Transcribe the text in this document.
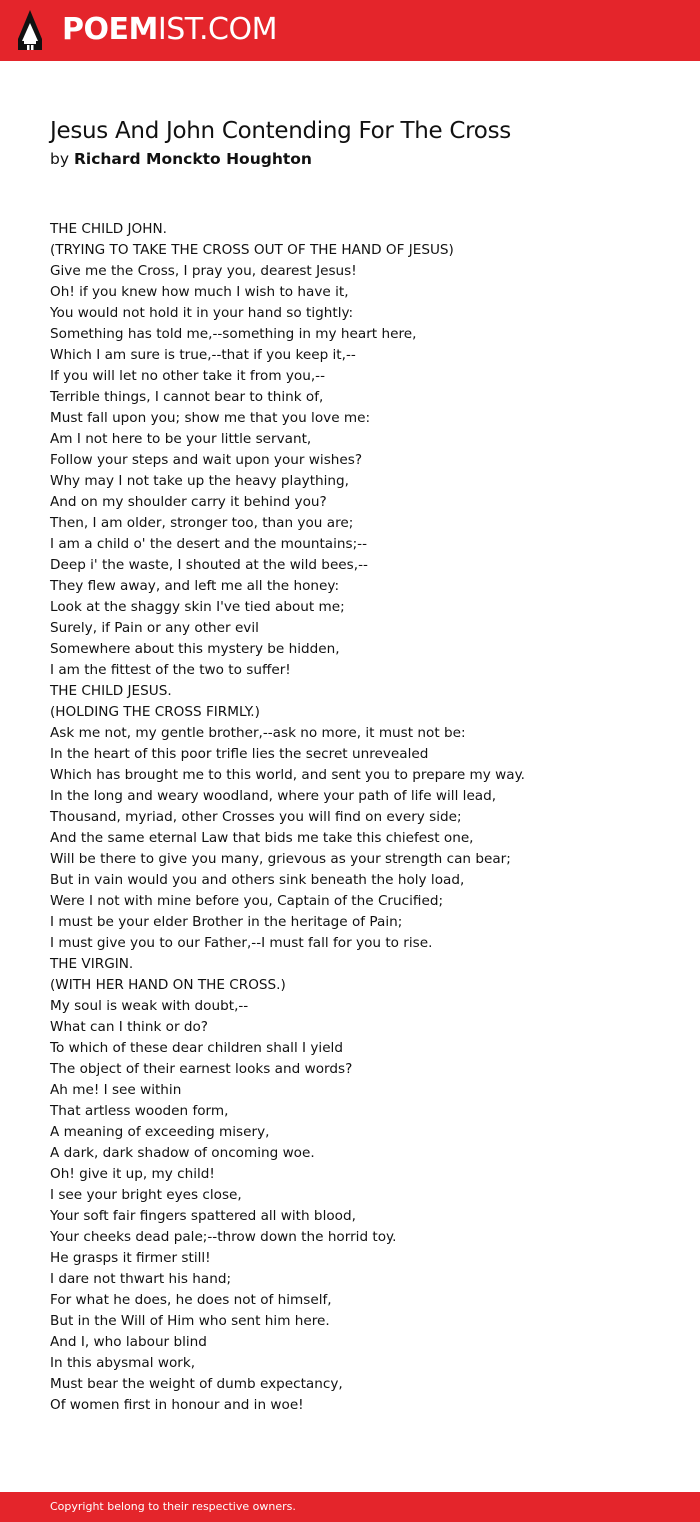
POEMIST.COM
Jesus And John Contending For The Cross
by Richard Monckto Houghton
THE CHILD JOHN.
(TRYING TO TAKE THE CROSS OUT OF THE HAND OF JESUS)
Give me the Cross, I pray you, dearest Jesus!
Oh! if you knew how much I wish to have it,
You would not hold it in your hand so tightly:
Something has told me,--something in my heart here,
Which I am sure is true,--that if you keep it,--
If you will let no other take it from you,--
Terrible things, I cannot bear to think of,
Must fall upon you; show me that you love me:
Am I not here to be your little servant,
Follow your steps and wait upon your wishes?
Why may I not take up the heavy plaything,
And on my shoulder carry it behind you?
Then, I am older, stronger too, than you are;
I am a child o' the desert and the mountains;--
Deep i' the waste, I shouted at the wild bees,--
They flew away, and left me all the honey:
Look at the shaggy skin I've tied about me;
Surely, if Pain or any other evil
Somewhere about this mystery be hidden,
I am the fittest of the two to suffer!
THE CHILD JESUS.
(HOLDING THE CROSS FIRMLY.)
Ask me not, my gentle brother,--ask no more, it must not be:
In the heart of this poor trifle lies the secret unrevealed
Which has brought me to this world, and sent you to prepare my way.
In the long and weary woodland, where your path of life will lead,
Thousand, myriad, other Crosses you will find on every side;
And the same eternal Law that bids me take this chiefest one,
Will be there to give you many, grievous as your strength can bear;
But in vain would you and others sink beneath the holy load,
Were I not with mine before you, Captain of the Crucified;
I must be your elder Brother in the heritage of Pain;
I must give you to our Father,--I must fall for you to rise.
THE VIRGIN.
(WITH HER HAND ON THE CROSS.)
My soul is weak with doubt,--
What can I think or do?
To which of these dear children shall I yield
The object of their earnest looks and words?
Ah me! I see within
That artless wooden form,
A meaning of exceeding misery,
A dark, dark shadow of oncoming woe.
Oh! give it up, my child!
I see your bright eyes close,
Your soft fair fingers spattered all with blood,
Your cheeks dead pale;--throw down the horrid toy.
He grasps it firmer still!
I dare not thwart his hand;
For what he does, he does not of himself,
But in the Will of Him who sent him here.
And I, who labour blind
In this abysmal work,
Must bear the weight of dumb expectancy,
Of women first in honour and in woe!
Copyright belong to their respective owners.
